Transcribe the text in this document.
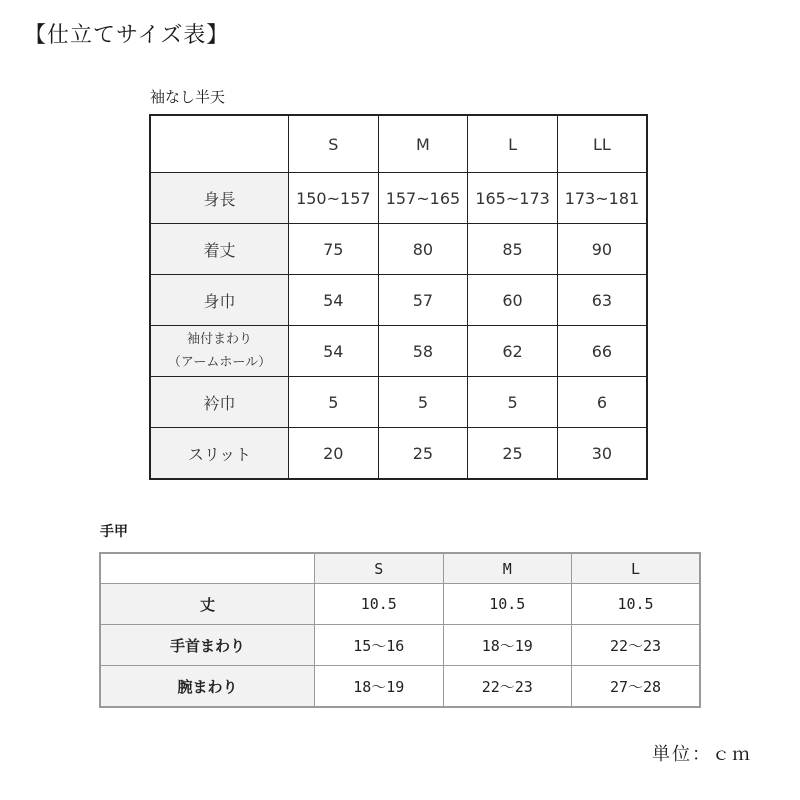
【仕立てサイズ表】
袖なし半天
	S	M	L	LL
身長	150~157	157~165	165~173	173~181
着丈	75	80	85	90
身巾	54	57	60	63

袖付まわり
（アームホール）	54	58	62	66
衿巾	5	5	5	6
スリット	20	25	25	30
手甲
	S	M	L
丈	10.5	10.5	10.5
手首まわり	15〜16	18〜19	22〜23
腕まわり	18〜19	22〜23	27〜28
単位：ｃｍ
